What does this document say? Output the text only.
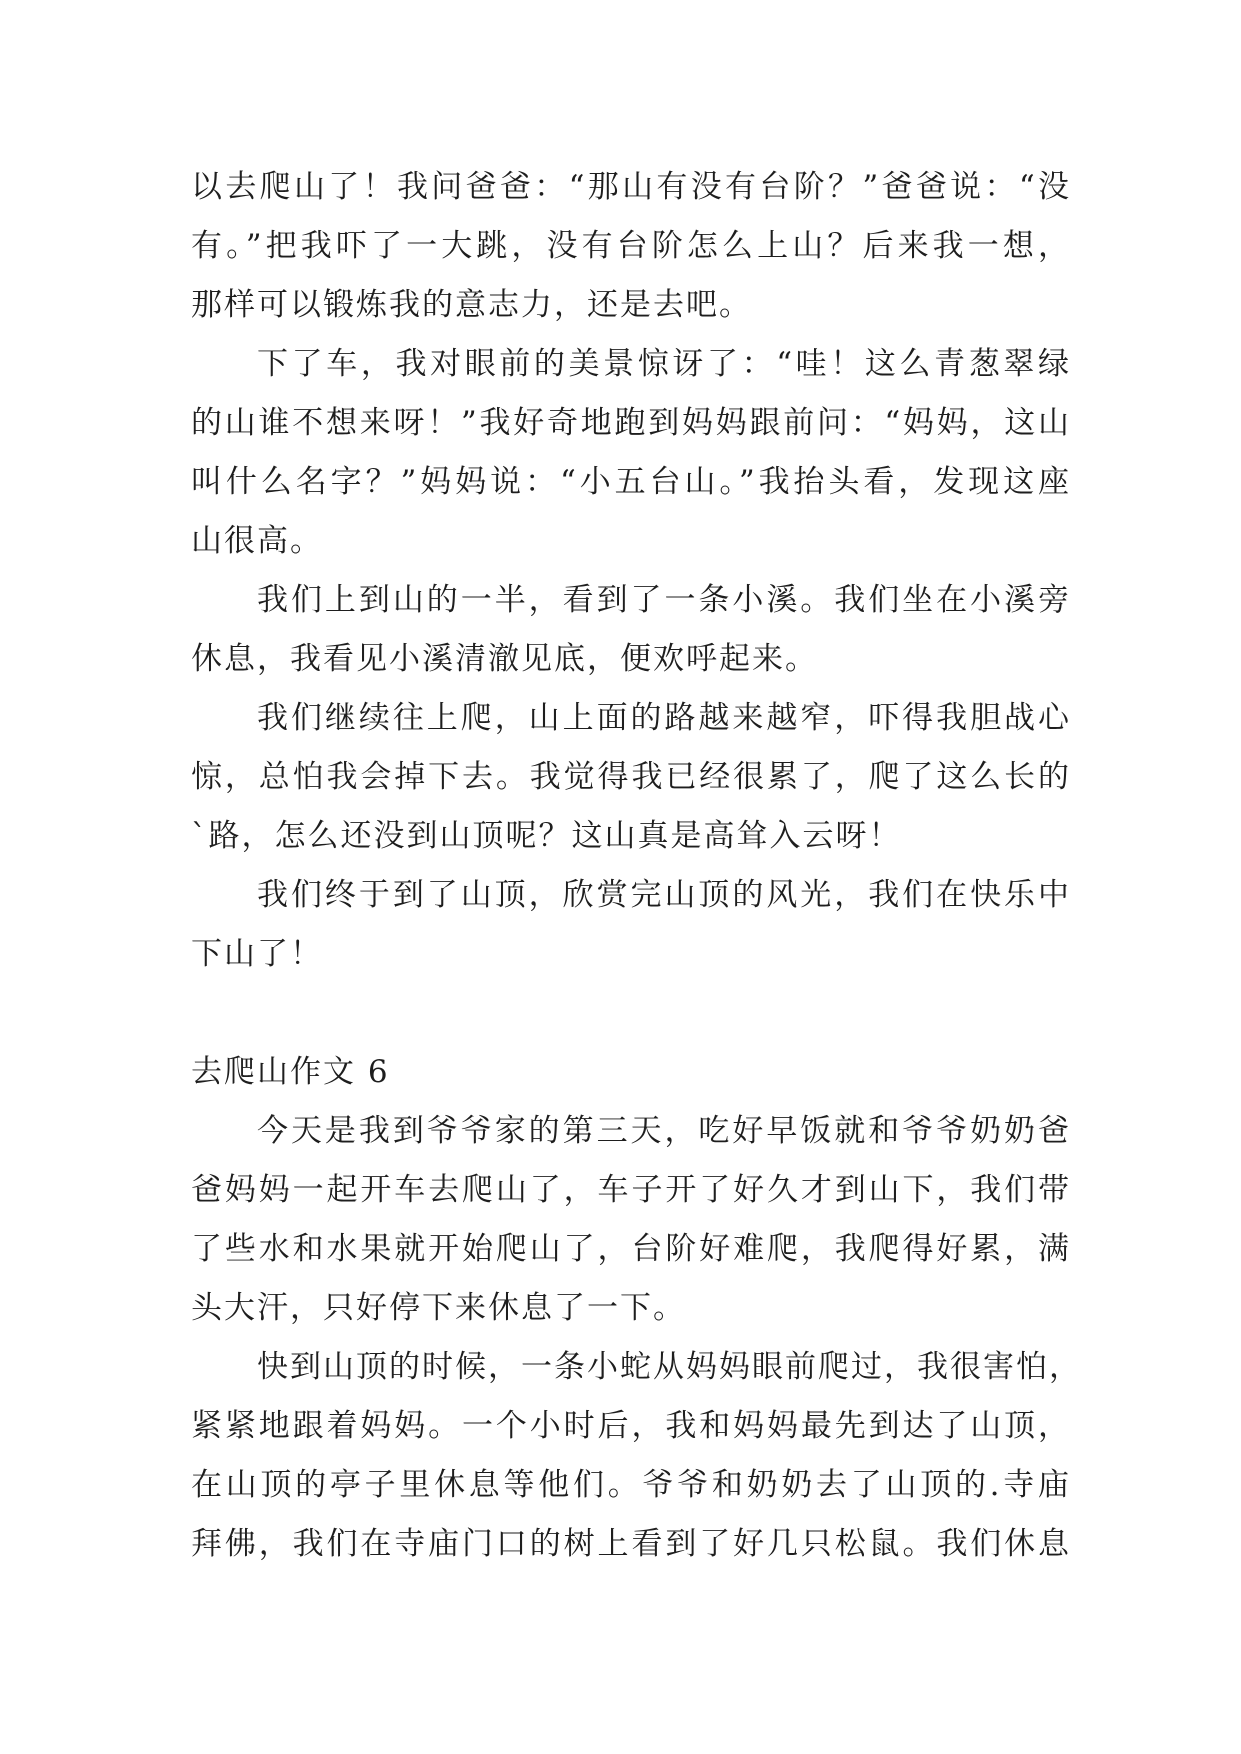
以去爬山了！我问爸爸：“那山有没有台阶？”爸爸说：“没
有。”把我吓了一大跳，没有台阶怎么上山？后来我一想，
那样可以锻炼我的意志力，还是去吧。
下了车，我对眼前的美景惊讶了：“哇！这么青葱翠绿
的山谁不想来呀！”我好奇地跑到妈妈跟前问：“妈妈，这山
叫什么名字？”妈妈说：“小五台山。”我抬头看，发现这座
山很高。
我们上到山的一半，看到了一条小溪。我们坐在小溪旁
休息，我看见小溪清澈见底，便欢呼起来。
我们继续往上爬，山上面的路越来越窄，吓得我胆战心
惊，总怕我会掉下去。我觉得我已经很累了，爬了这么长的
`路，怎么还没到山顶呢？这山真是高耸入云呀！
我们终于到了山顶，欣赏完山顶的风光，我们在快乐中
下山了！
去爬山作文 6
今天是我到爷爷家的第三天，吃好早饭就和爷爷奶奶爸
爸妈妈一起开车去爬山了，车子开了好久才到山下，我们带
了些水和水果就开始爬山了，台阶好难爬，我爬得好累，满
头大汗，只好停下来休息了一下。
快到山顶的时候，一条小蛇从妈妈眼前爬过，我很害怕，
紧紧地跟着妈妈。一个小时后，我和妈妈最先到达了山顶，
在山顶的亭子里休息等他们。爷爷和奶奶去了山顶的.寺庙
拜佛，我们在寺庙门口的树上看到了好几只松鼠。我们休息
